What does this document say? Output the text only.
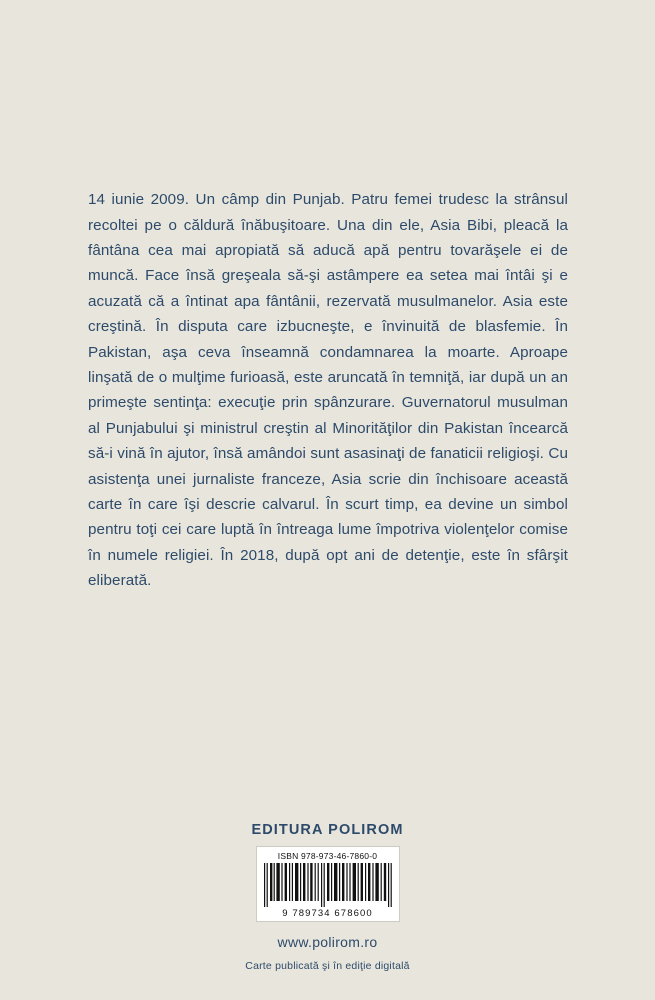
14 iunie 2009. Un câmp din Punjab. Patru femei trudesc la strânsul recoltei pe o căldură înăbuşitoare. Una din ele, Asia Bibi, pleacă la fântâna cea mai apropiată să aducă apă pentru tovarăşele ei de muncă. Face însă greşeala să-şi astâmpere ea setea mai întâi şi e acuzată că a întinat apa fântânii, rezervată musulmanelor. Asia este creştină. În disputa care izbucneşte, e învinuită de blasfemie. În Pakistan, aşa ceva înseamnă condamnarea la moarte. Aproape linşată de o mulţime furioasă, este aruncată în temniţă, iar după un an primeşte sentinţa: execuţie prin spânzurare. Guvernatorul musulman al Punjabului şi ministrul creştin al Minorităţilor din Pakistan încearcă să-i vină în ajutor, însă amândoi sunt asasinaţi de fanaticii religioşi. Cu asistenţa unei jurnaliste franceze, Asia scrie din închisoare această carte în care îşi descrie calvarul. În scurt timp, ea devine un simbol pentru toţi cei care luptă în întreaga lume împotriva violenţelor comise în numele religiei. În 2018, după opt ani de detenţie, este în sfârşit eliberată.

EDITURA POLIROM
ISBN 978-973-46-7860-0
9 789734 678600
www.polirom.ro
Carte publicată şi în ediţie digitală
